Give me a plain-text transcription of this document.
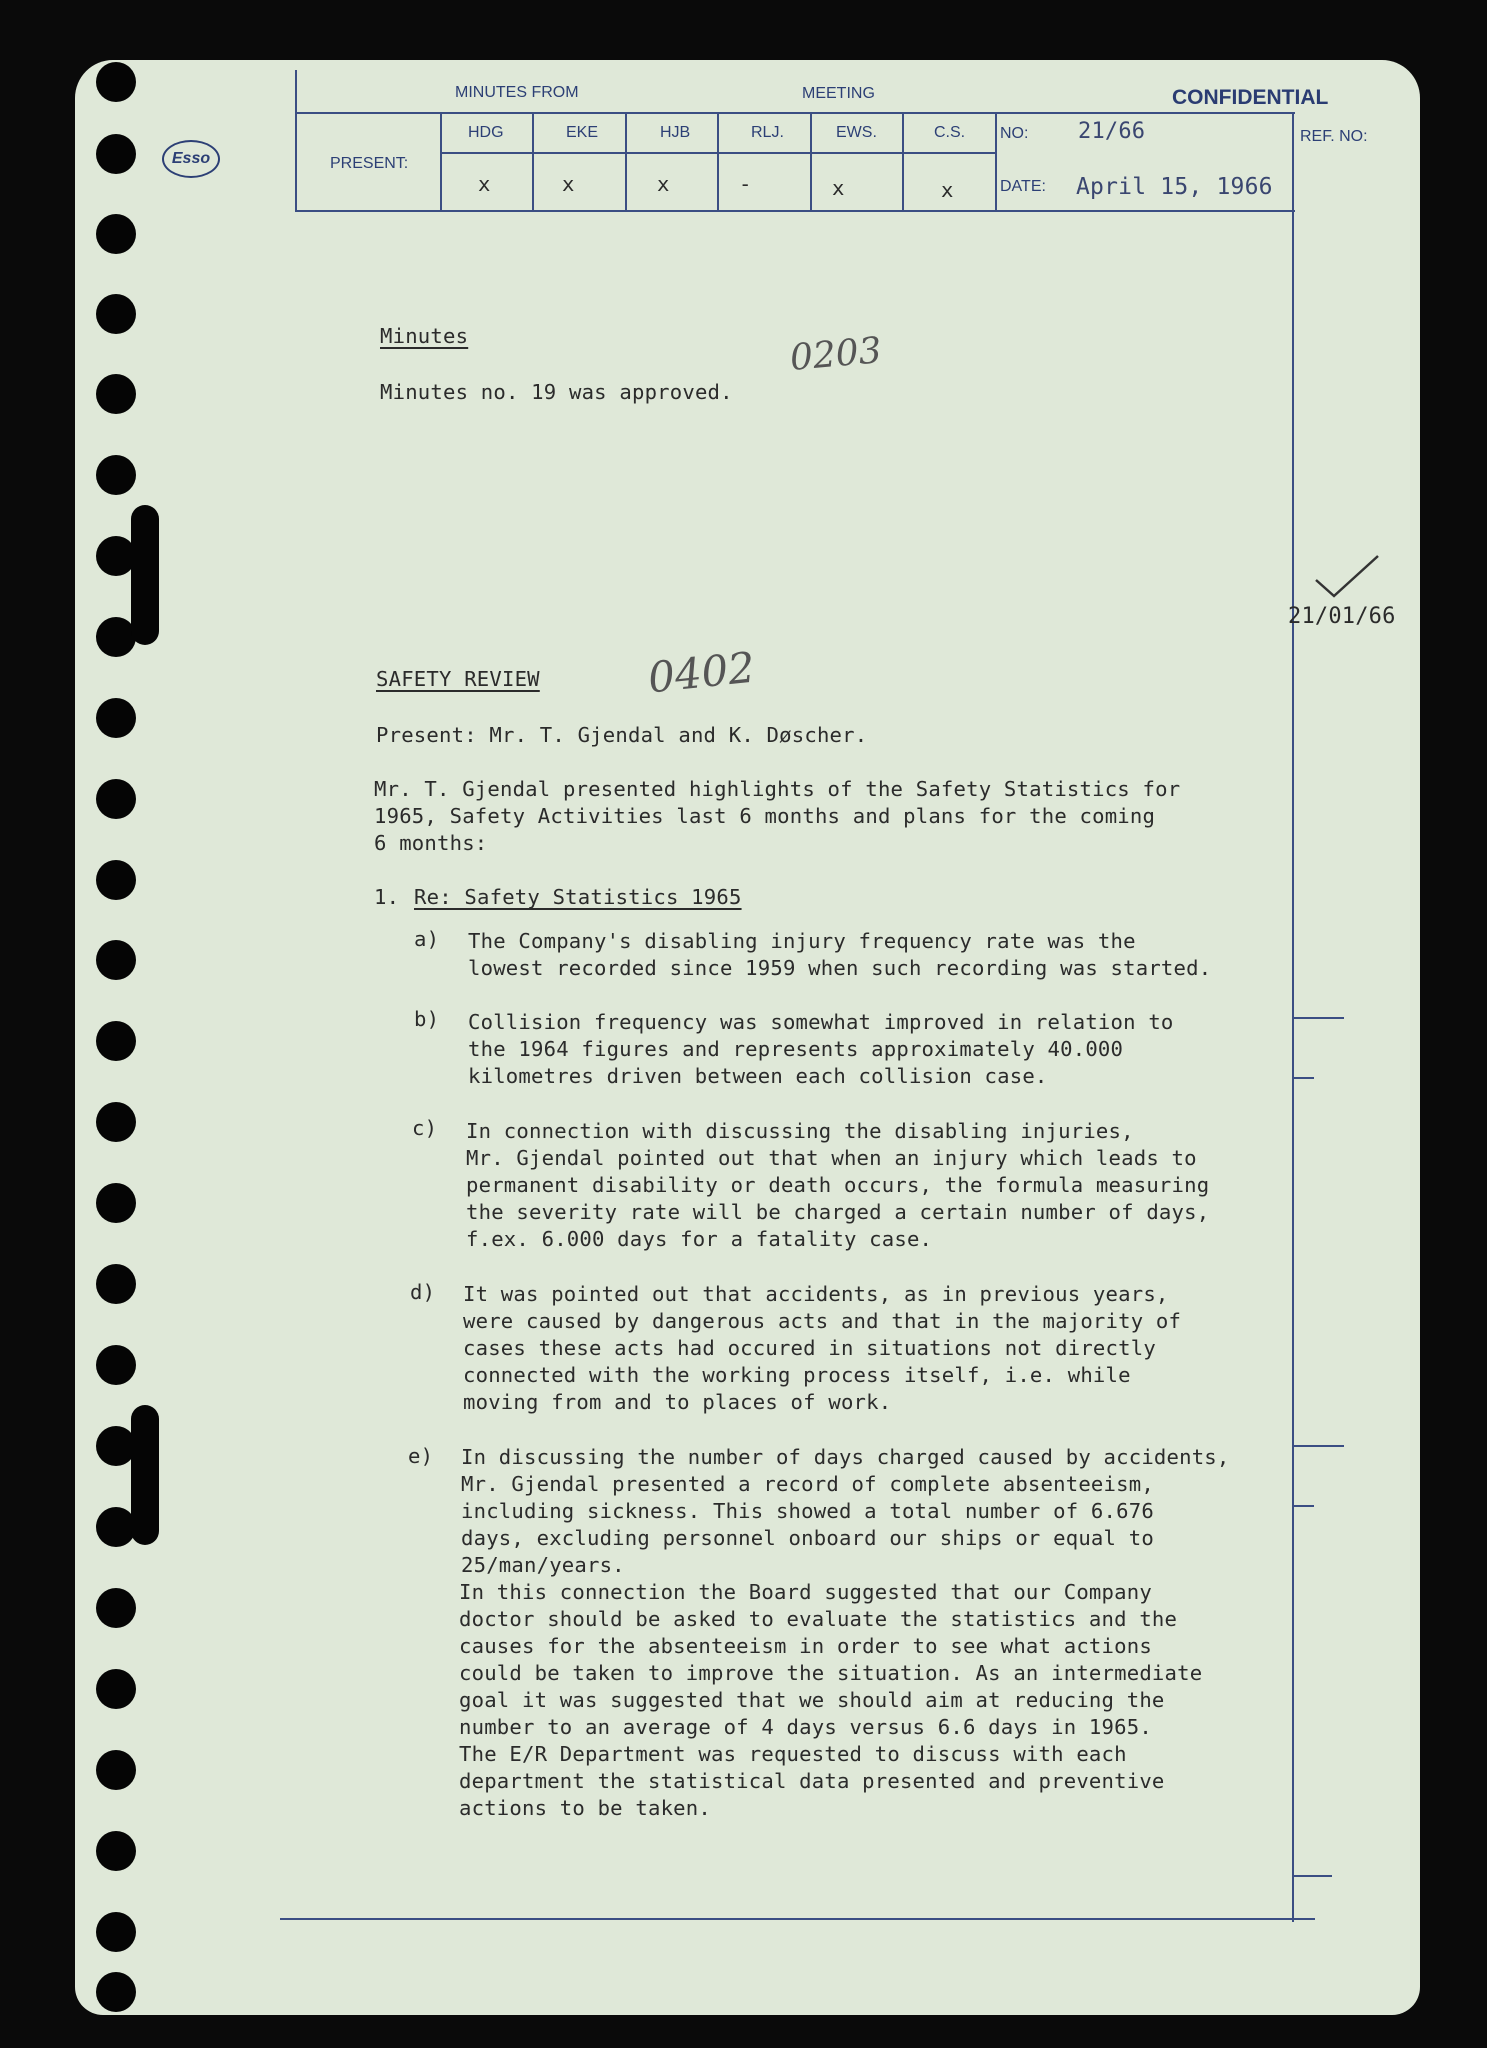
Esso
MINUTES FROM	MEETING	CONFIDENTIAL
PRESENT:
HDG	EKE	HJB	RLJ.	EWS.	C.S.
x	x	x	-	x	x
NO: 21/66
DATE: April 15, 1966
REF. NO:
21/01/66
0203
0402
Minutes
Minutes no. 19 was approved.
SAFETY REVIEW
Present: Mr. T. Gjendal and K. Døscher.
Mr. T. Gjendal presented highlights of the Safety Statistics for
1965, Safety Activities last 6 months and plans for the coming
6 months:
1. Re: Safety Statistics 1965
a) The Company's disabling injury frequency rate was the
lowest recorded since 1959 when such recording was started.
b) Collision frequency was somewhat improved in relation to
the 1964 figures and represents approximately 40.000
kilometres driven between each collision case.
c) In connection with discussing the disabling injuries,
Mr. Gjendal pointed out that when an injury which leads to
permanent disability or death occurs, the formula measuring
the severity rate will be charged a certain number of days,
f.ex. 6.000 days for a fatality case.
d) It was pointed out that accidents, as in previous years,
were caused by dangerous acts and that in the majority of
cases these acts had occured in situations not directly
connected with the working process itself, i.e. while
moving from and to places of work.
e) In discussing the number of days charged caused by accidents,
Mr. Gjendal presented a record of complete absenteeism,
including sickness. This showed a total number of 6.676
days, excluding personnel onboard our ships or equal to
25/man/years.
In this connection the Board suggested that our Company
doctor should be asked to evaluate the statistics and the
causes for the absenteeism in order to see what actions
could be taken to improve the situation. As an intermediate
goal it was suggested that we should aim at reducing the
number to an average of 4 days versus 6.6 days in 1965.
The E/R Department was requested to discuss with each
department the statistical data presented and preventive
actions to be taken.
